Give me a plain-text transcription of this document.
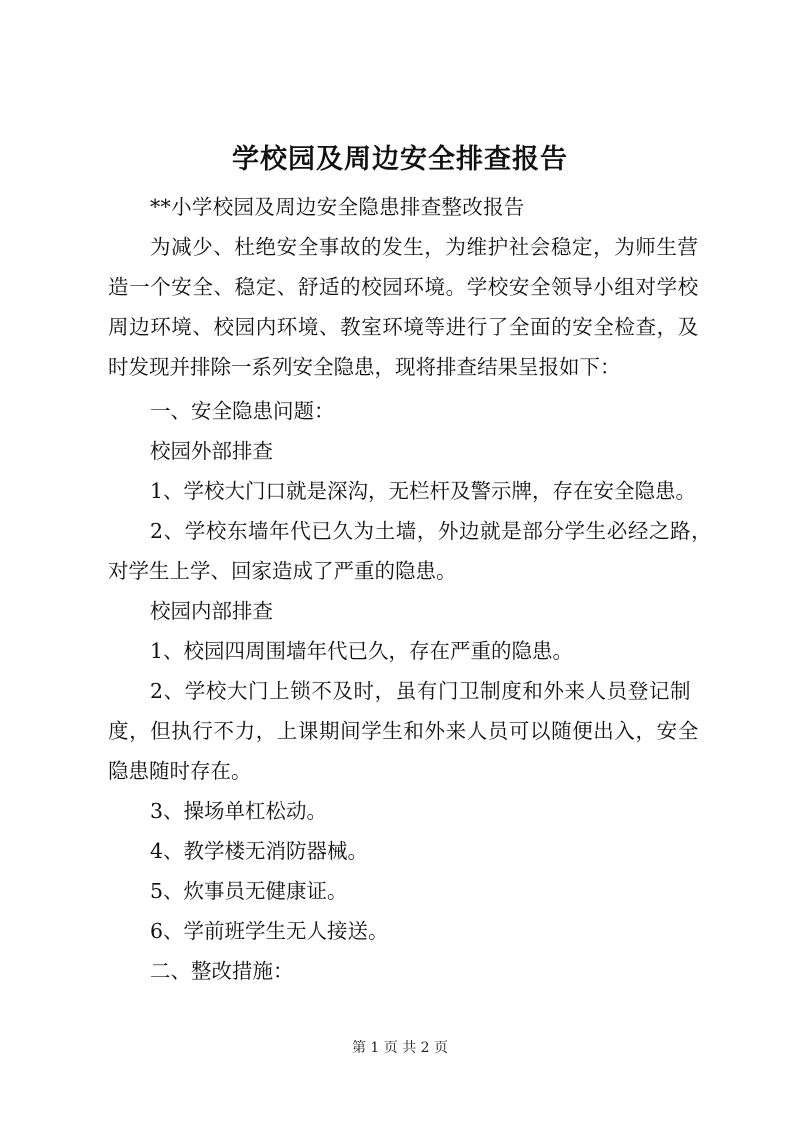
学校园及周边安全排查报告
**小学校园及周边安全隐患排查整改报告
为减少、杜绝安全事故的发生，为维护社会稳定，为师生营
造一个安全、稳定、舒适的校园环境。学校安全领导小组对学校
周边环境、校园内环境、教室环境等进行了全面的安全检查，及
时发现并排除一系列安全隐患，现将排查结果呈报如下：
一、安全隐患问题：
校园外部排查
1、学校大门口就是深沟，无栏杆及警示牌，存在安全隐患。
2、学校东墙年代已久为土墙，外边就是部分学生必经之路，
对学生上学、回家造成了严重的隐患。
校园内部排查
1、校园四周围墙年代已久，存在严重的隐患。
2、学校大门上锁不及时，虽有门卫制度和外来人员登记制
度，但执行不力，上课期间学生和外来人员可以随便出入，安全
隐患随时存在。
3、操场单杠松动。
4、教学楼无消防器械。
5、炊事员无健康证。
6、学前班学生无人接送。
二、整改措施：
第 1 页 共 2 页
